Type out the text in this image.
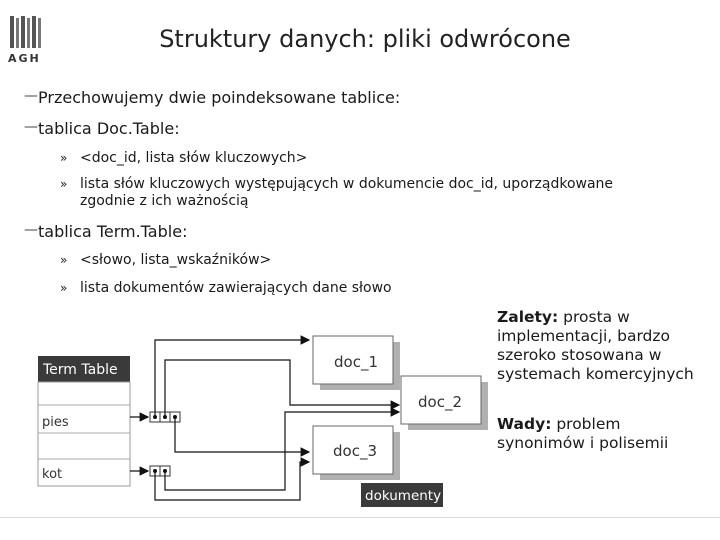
AGH
Struktury danych: pliki odwrócone
— Przechowujemy dwie poindeksowane tablice:
— tablica Doc.Table:
» <doc_id, lista słów kluczowych>
» lista słów kluczowych występujących w dokumencie doc_id, uporządkowane zgodnie z ich ważnością
— tablica Term.Table:
» <słowo, lista_wskaźników>
» lista dokumentów zawierających dane słowo
Zalety: prosta w implementacji, bardzo szeroko stosowana w systemach komercyjnych
Wady: problem synonimów i polisemii
Term Table
pies
kot
doc_1
doc_2
doc_3
dokumenty
